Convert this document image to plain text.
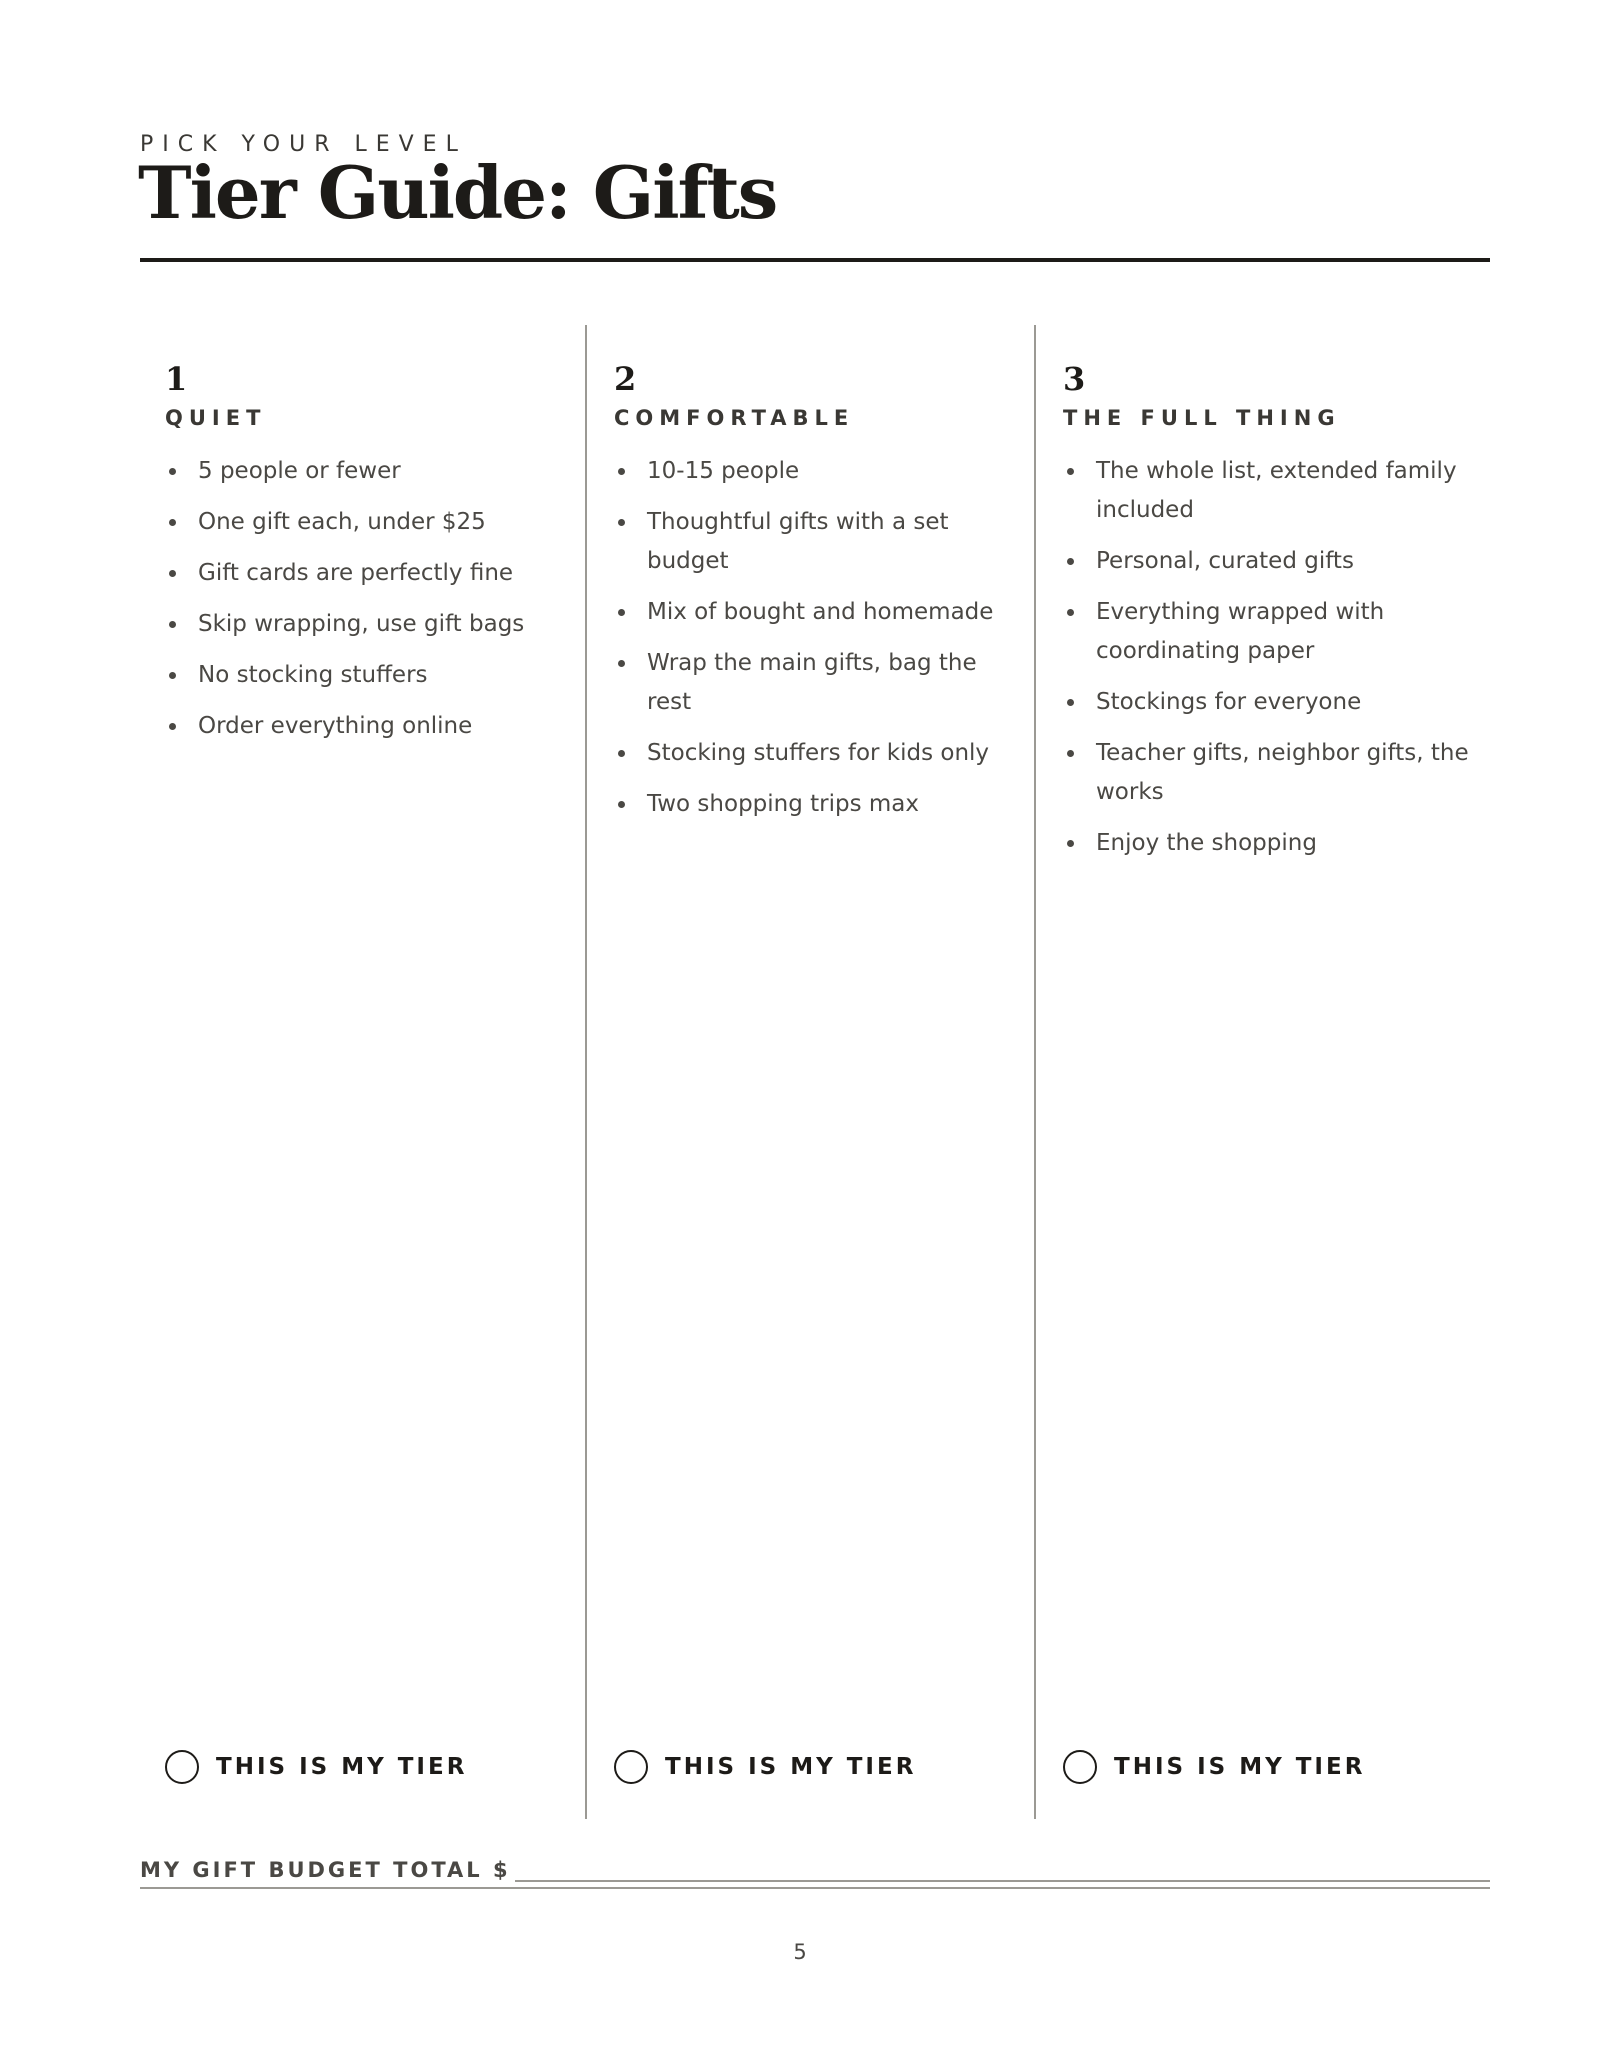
PICK YOUR LEVEL
Tier Guide: Gifts
1
QUIET
5 people or fewer
One gift each, under $25
Gift cards are perfectly fine
Skip wrapping, use gift bags
No stocking stuffers
Order everything online
THIS IS MY TIER
2
COMFORTABLE
10-15 people
Thoughtful gifts with a set budget
Mix of bought and homemade
Wrap the main gifts, bag the rest
Stocking stuffers for kids only
Two shopping trips max
THIS IS MY TIER
3
THE FULL THING
The whole list, extended family included
Personal, curated gifts
Everything wrapped with coordinating paper
Stockings for everyone
Teacher gifts, neighbor gifts, the works
Enjoy the shopping
THIS IS MY TIER
MY GIFT BUDGET TOTAL $
5
